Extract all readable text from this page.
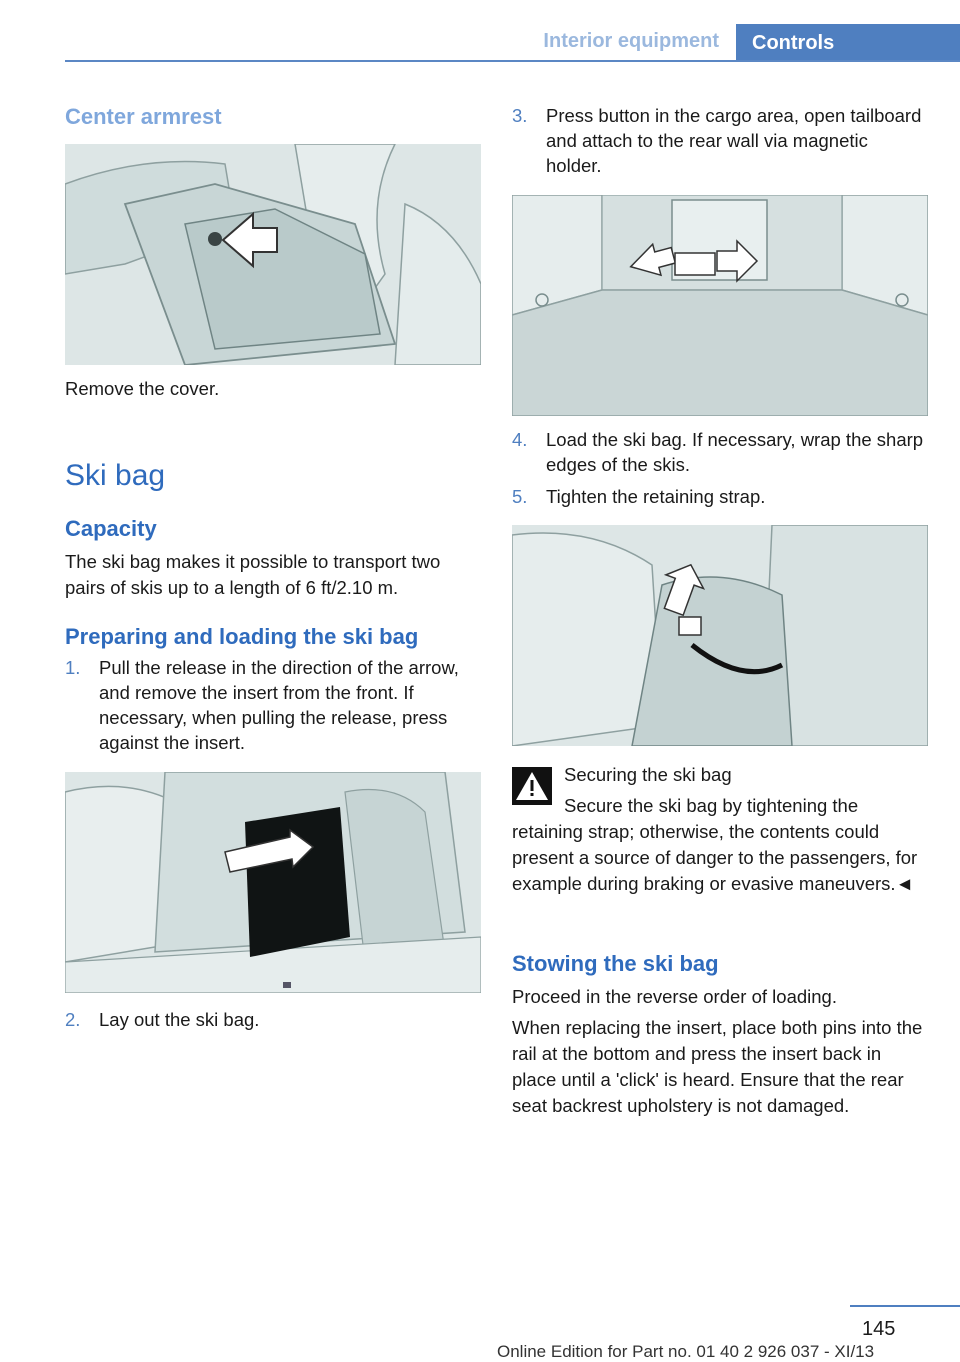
Interior equipment	Controls
Center armrest
Remove the cover.
Ski bag
Capacity
The ski bag makes it possible to transport two pairs of skis up to a length of 6 ft/2.10 m.
Preparing and loading the ski bag
1. Pull the release in the direction of the arrow, and remove the insert from the front. If necessary, when pulling the release, press against the insert.
2. Lay out the ski bag.
3. Press button in the cargo area, open tailboard and attach to the rear wall via magnetic holder.
4. Load the ski bag. If necessary, wrap the sharp edges of the skis.
5. Tighten the retaining strap.
Securing the ski bag
Secure the ski bag by tightening the retaining strap; otherwise, the contents could present a source of danger to the passengers, for example during braking or evasive maneuvers.◄
Stowing the ski bag
Proceed in the reverse order of loading.
When replacing the insert, place both pins into the rail at the bottom and press the insert back in place until a 'click' is heard. Ensure that the rear seat backrest upholstery is not damaged.
145
Online Edition for Part no. 01 40 2 926 037 - XI/13
